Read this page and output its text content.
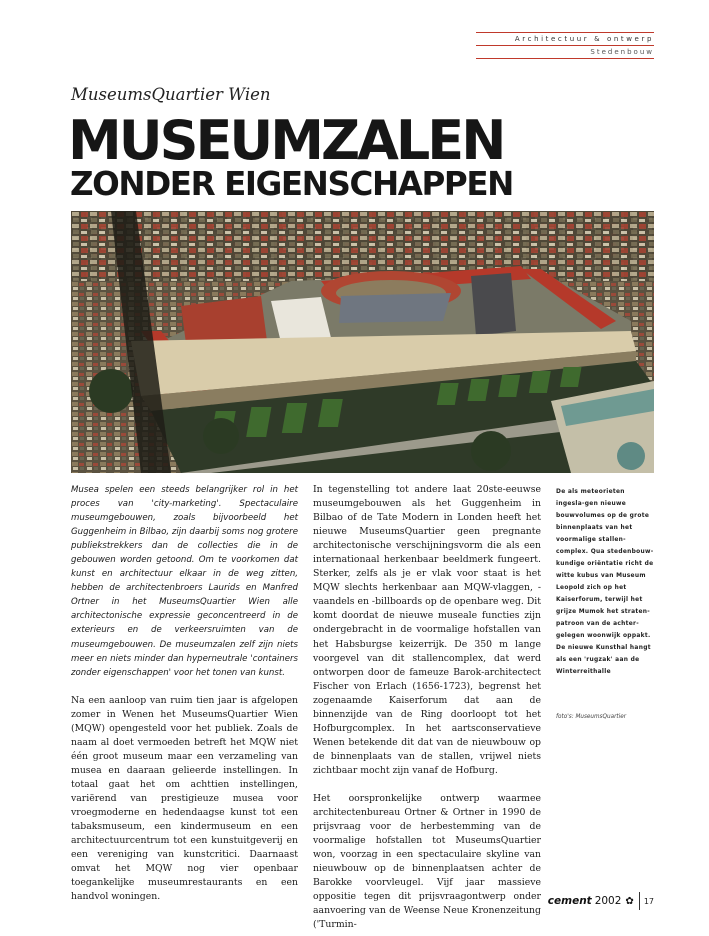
Architectuur & ontwerp
Stedenbouw
MuseumsQuartier Wien
MUSEUMZALEN
ZONDER EIGENSCHAPPEN

Musea spelen een steeds belangrijker rol in het proces van 'city-marketing'. Spectaculaire museumgebouwen, zoals bijvoorbeeld het Guggenheim in Bilbao, zijn daarbij soms nog grotere publiekstrekkers dan de collecties die in de gebouwen worden getoond. Om te voorkomen dat kunst en architectuur elkaar in de weg zitten, hebben de architectenbroers Laurids en Manfred Ortner in het MuseumsQuartier Wien alle architectonische expressie geconcentreerd in de exterieurs en de verkeersruimten van de museumgebouwen. De museumzalen zelf zijn niets meer en niets minder dan hyperneutrale 'containers zonder eigenschappen' voor het tonen van kunst.

Na een aanloop van ruim tien jaar is afgelopen zomer in Wenen het MuseumsQuartier Wien (MQW) opengesteld voor het publiek. Zoals de naam al doet vermoeden betreft het MQW niet één groot museum maar een verzameling van musea en daaraan gelieerde instellingen. In totaal gaat het om achttien instellingen, variërend van prestigieuze musea voor vroegmoderne en hedendaagse kunst tot een tabaksmuseum, een kindermuseum en een architectuurcentrum tot een kunstuitgeverij en een vereniging van kunstcritici. Daarnaast omvat het MQW nog vier openbaar toegankelijke museumrestaurants en een handvol woningen.

In tegenstelling tot andere laat 20ste-eeuwse museumgebouwen als het Guggenheim in Bilbao of de Tate Modern in Londen heeft het nieuwe MuseumsQuartier geen pregnante architectonische verschijningsvorm die als een internationaal herkenbaar beeldmerk fungeert. Sterker, zelfs als je er vlak voor staat is het MQW slechts herkenbaar aan MQW-vlaggen, -vaandels en -billboards op de openbare weg. Dit komt doordat de nieuwe museale functies zijn ondergebracht in de voormalige hofstallen van het Habsburgse keizerrijk. De 350 m lange voorgevel van dit stallencomplex, dat werd ontworpen door de fameuze Barok-architectect Fischer von Erlach (1656-1723), begrenst het zogenaamde Kaiserforum dat aan de binnenzijde van de Ring doorloopt tot het Hofburgcomplex. In het aartsconservatieve Wenen betekende dit dat van de nieuwbouw op de binnenplaats van de stallen, vrijwel niets zichtbaar mocht zijn vanaf de Hofburg.

Het oorspronkelijke ontwerp waarmee architectenbureau Ortner & Ortner in 1990 de prijsvraag voor de herbestemming van de voormalige hofstallen tot MuseumsQuartier won, voorzag in een spectaculaire skyline van nieuwbouw op de binnenplaatsen achter de Barokke voorvleugel. Vijf jaar massieve oppositie tegen dit prijsvraagontwerp onder aanvoering van de Weense Neue Kronenzeitung ('Turmin-

De als meteorieten ingesla-gen nieuwe bouwvolumes op de grote binnenplaats van het voormalige stallen-complex. Qua stedenbouw-kundige oriëntatie richt de witte kubus van Museum Leopold zich op het Kaiserforum, terwijl het grijze Mumok het straten-patroon van de achter-gelegen woonwijk oppakt. De nieuwe Kunsthal hangt als een 'rugzak' aan de Winterreithalle
foto's: MuseumsQuartier
cement 2002 ✿ 17
